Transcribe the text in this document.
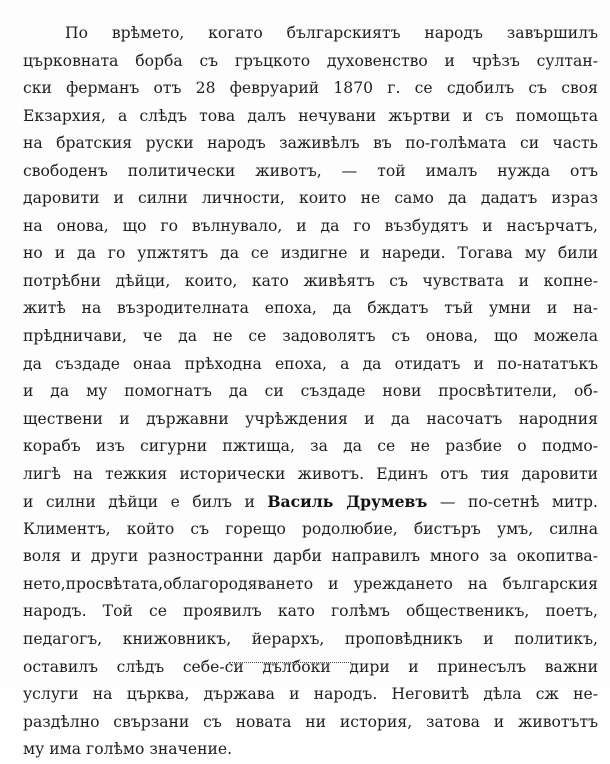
По врѣмето, когато българскиятъ народъ завършилъ
църковната борба съ гръцкото духовенство и чрѣзъ султан-
ски ферманъ отъ 28 февруарий 1870 г. се сдобилъ съ своя
Екзархия, а слѣдъ това далъ нечувани жъртви и съ помощьта
на братския руски народъ заживѣлъ въ по-голѣмата си часть
свободенъ политически животъ, — той ималъ нужда отъ
даровити и силни личности, които не само да дадатъ израз
на онова, що го вълнувало, и да го възбудятъ и насърчатъ,
но и да го упжтятъ да се издигне и нареди. Тогава му били
потрѣбни дѣйци, които, като живѣятъ съ чувствата и копне-
житѣ на възродителната епоха, да бждатъ тъй умни и на-
прѣдничави, че да не се задоволятъ съ онова, що можела
да създаде онаа прѣходна епоха, а да отидатъ и по-нататъкъ
и да му помогнатъ да си създаде нови просвѣтители, об-
ществени и държавни учрѣждения и да насочатъ народния
корабъ изъ сигурни пжтища, за да се не разбие о подмо-
лигѣ на тежкия исторически животъ. Единъ отъ тия даровити
и силни дѣйци е билъ и Василь Друмевъ — по-сетнѣ митр.
Климентъ, който съ горещо родолюбие, бистъръ умъ, силна
воля и други разностранни дарби направилъ много за окопитва-
нето,просвѣтата,облагородяването и уреждането на българския
народъ. Той се проявилъ като голѣмъ общественикъ, поетъ,
педагогъ, книжовникъ, йерархъ, проповѣдникъ и политикъ,
оставилъ слѣдъ себе-си дълбоки дири и принесълъ важни
услуги на църква, държава и народъ. Неговитѣ дѣла сж не-
раздѣлно свързани съ новата ни история, затова и животътъ
му има голѣмо значение.
